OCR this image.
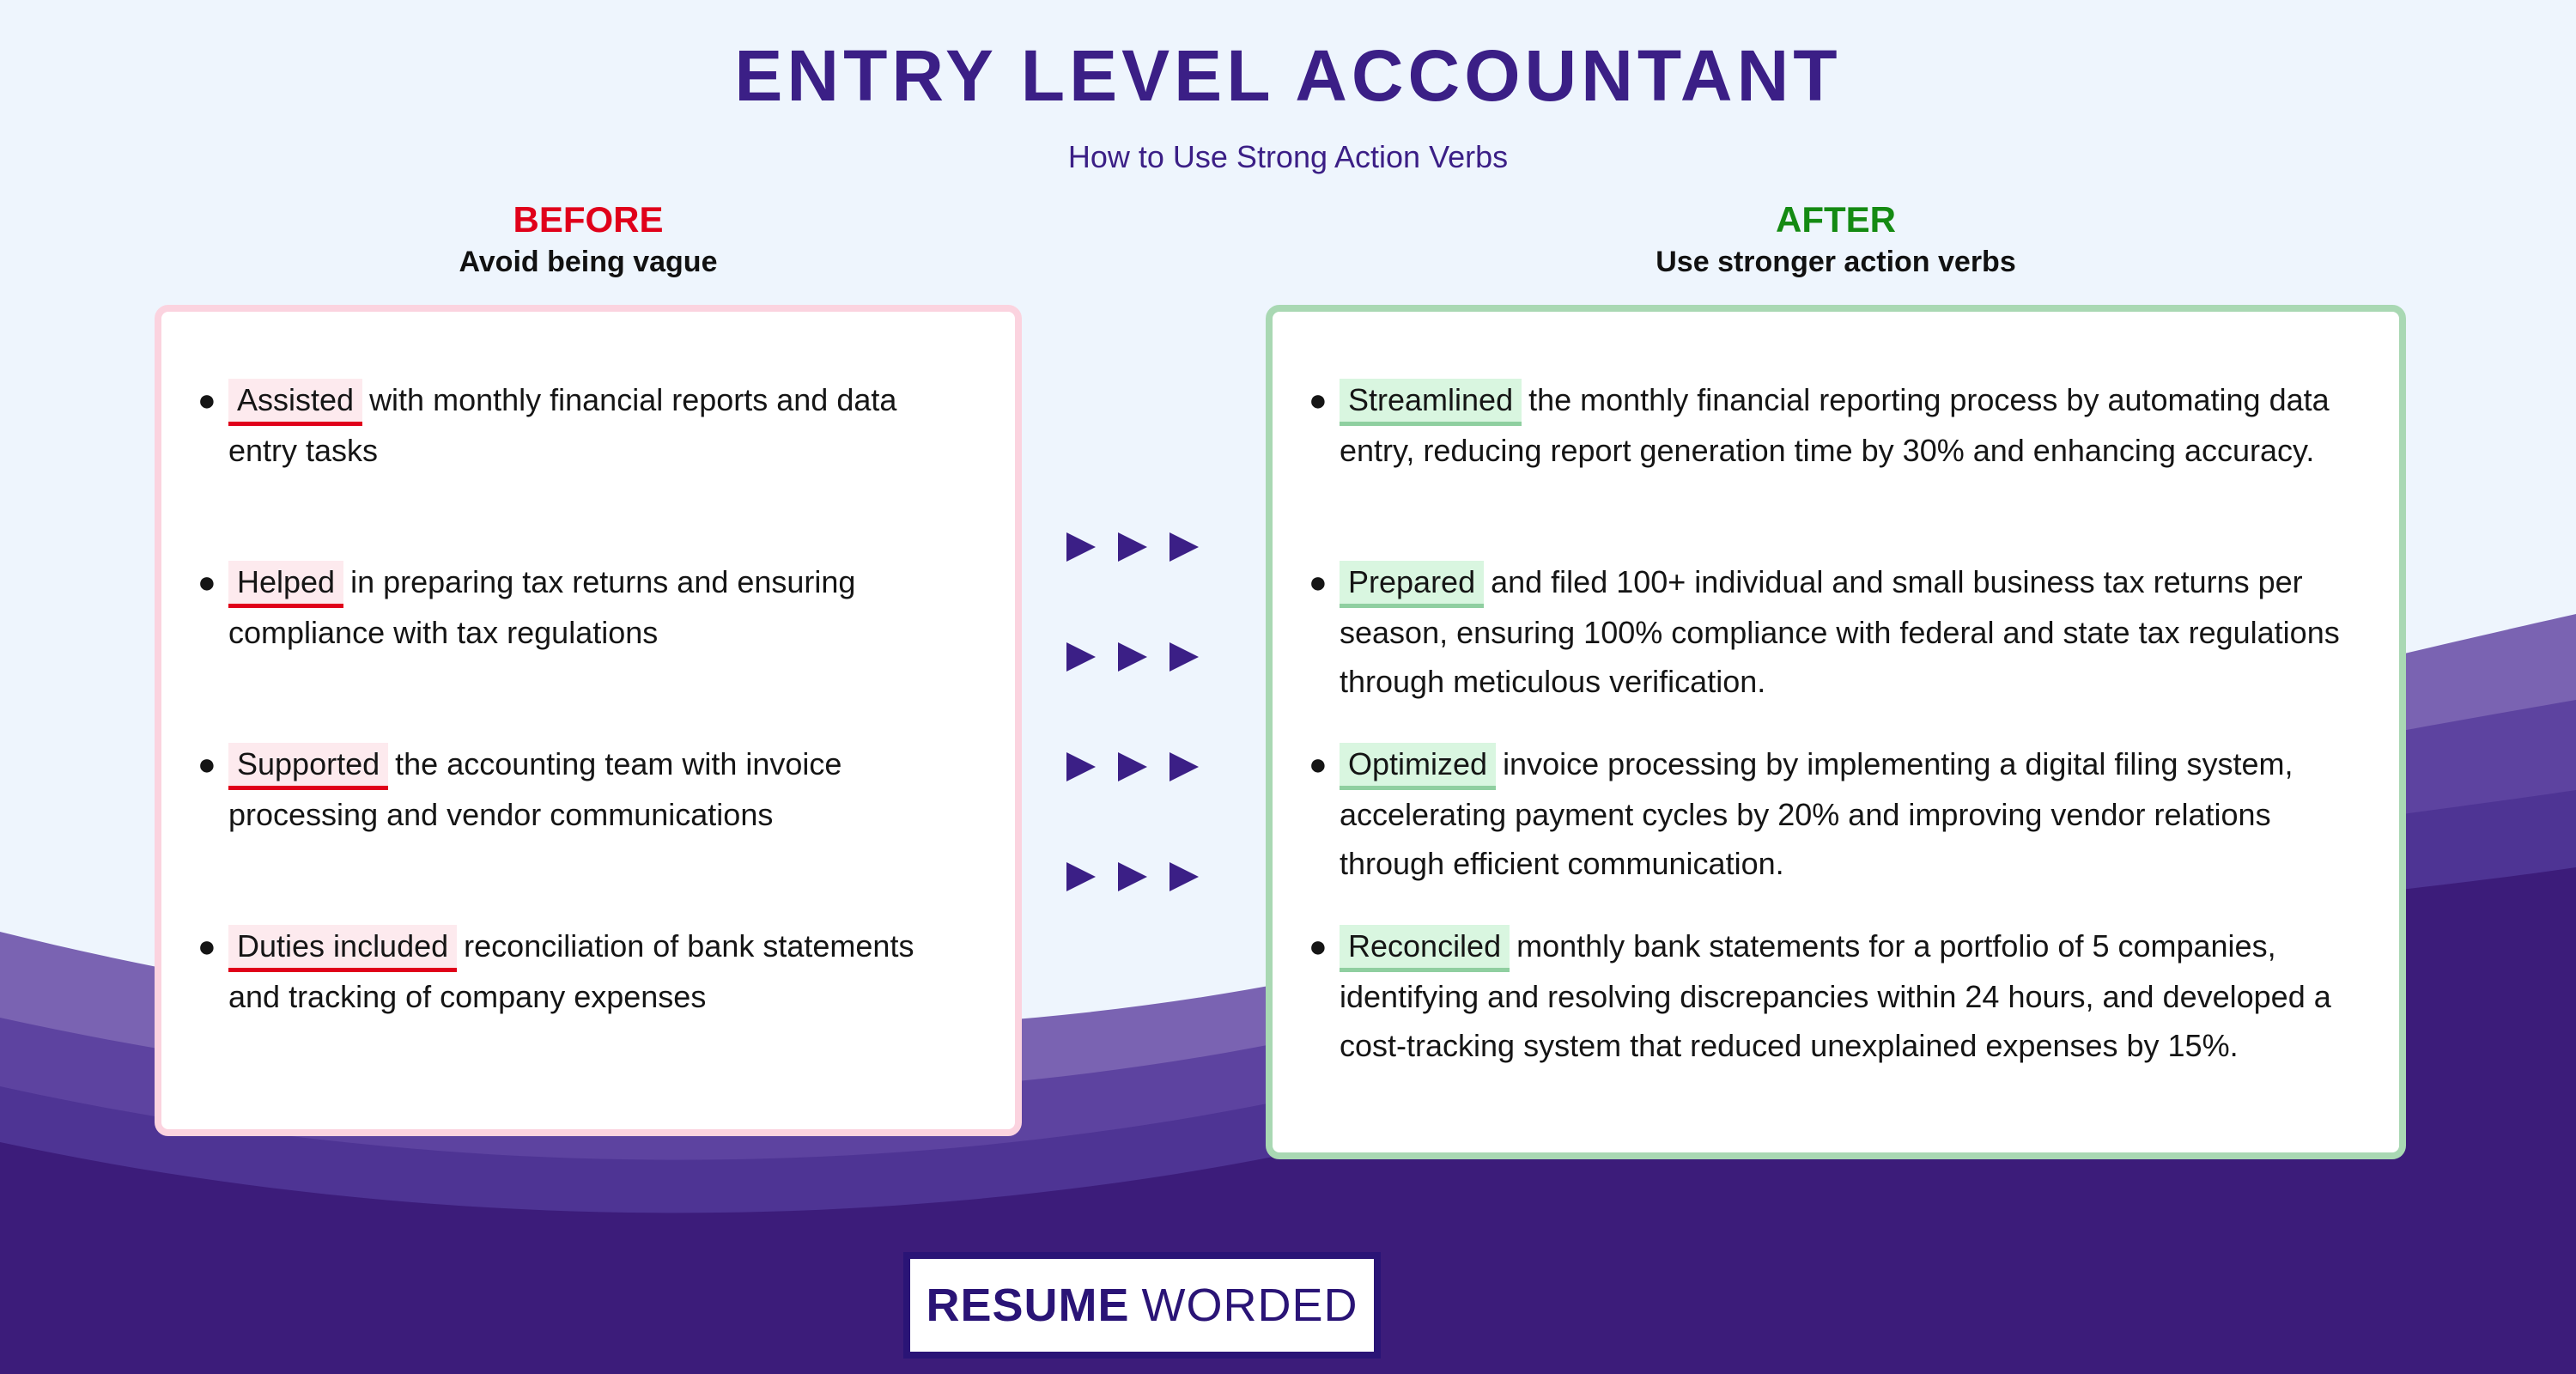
ENTRY LEVEL ACCOUNTANT
How to Use Strong Action Verbs
BEFORE
Avoid being vague
AFTER
Use stronger action verbs
● Assisted with monthly financial reports and data entry tasks
● Helped in preparing tax returns and ensuring compliance with tax regulations
● Supported the accounting team with invoice processing and vendor communications
● Duties included reconciliation of bank statements and tracking of company expenses
● Streamlined the monthly financial reporting process by automating data entry, reducing report generation time by 30% and enhancing accuracy.
● Prepared and filed 100+ individual and small business tax returns per season, ensuring 100% compliance with federal and state tax regulations through meticulous verification.
● Optimized invoice processing by implementing a digital filing system, accelerating payment cycles by 20% and improving vendor relations through efficient communication.
● Reconciled monthly bank statements for a portfolio of 5 companies, identifying and resolving discrepancies within 24 hours, and developed a cost-tracking system that reduced unexplained expenses by 15%.
RESUME WORDED
